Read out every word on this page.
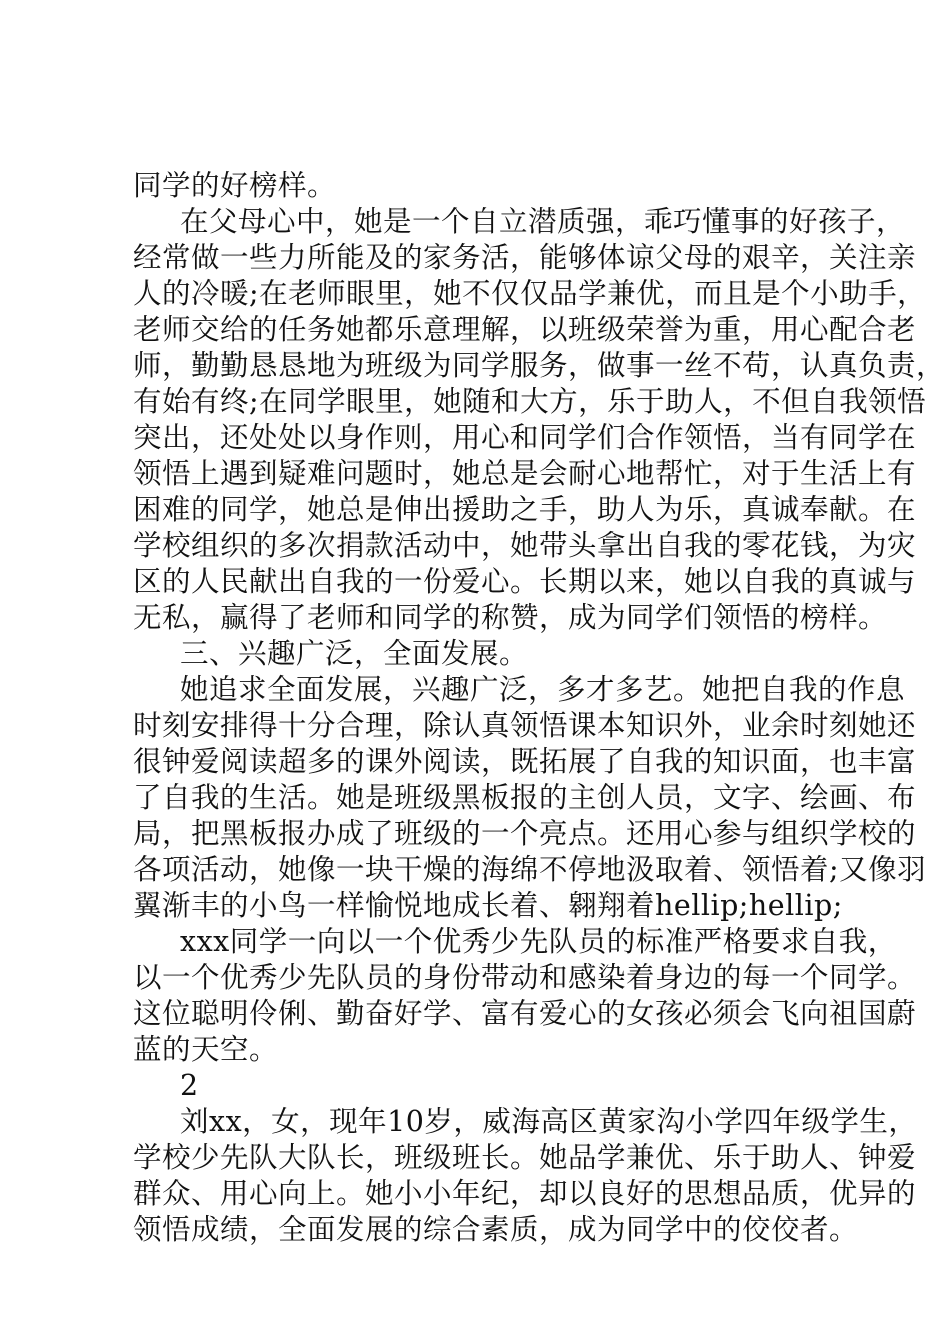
同学的好榜样。
在父母心中，她是一个自立潜质强，乖巧懂事的好孩子，
经常做一些力所能及的家务活，能够体谅父母的艰辛，关注亲
人的冷暖;在老师眼里，她不仅仅品学兼优，而且是个小助手，
老师交给的任务她都乐意理解，以班级荣誉为重，用心配合老
师，勤勤恳恳地为班级为同学服务，做事一丝不苟，认真负责，
有始有终;在同学眼里，她随和大方，乐于助人，不但自我领悟
突出，还处处以身作则，用心和同学们合作领悟，当有同学在
领悟上遇到疑难问题时，她总是会耐心地帮忙，对于生活上有
困难的同学，她总是伸出援助之手，助人为乐，真诚奉献。在
学校组织的多次捐款活动中，她带头拿出自我的零花钱，为灾
区的人民献出自我的一份爱心。长期以来，她以自我的真诚与
无私，赢得了老师和同学的称赞，成为同学们领悟的榜样。
三、兴趣广泛，全面发展。
她追求全面发展，兴趣广泛，多才多艺。她把自我的作息
时刻安排得十分合理，除认真领悟课本知识外，业余时刻她还
很钟爱阅读超多的课外阅读，既拓展了自我的知识面，也丰富
了自我的生活。她是班级黑板报的主创人员，文字、绘画、布
局，把黑板报办成了班级的一个亮点。还用心参与组织学校的
各项活动，她像一块干燥的海绵不停地汲取着、领悟着;又像羽
翼渐丰的小鸟一样愉悦地成长着、翱翔着hellip;hellip;
xxx同学一向以一个优秀少先队员的标准严格要求自我，
以一个优秀少先队员的身份带动和感染着身边的每一个同学。
这位聪明伶俐、勤奋好学、富有爱心的女孩必须会飞向祖国蔚
蓝的天空。
2
刘xx，女，现年10岁，威海高区黄家沟小学四年级学生，
学校少先队大队长，班级班长。她品学兼优、乐于助人、钟爱
群众、用心向上。她小小年纪，却以良好的思想品质，优异的
领悟成绩，全面发展的综合素质，成为同学中的佼佼者。
